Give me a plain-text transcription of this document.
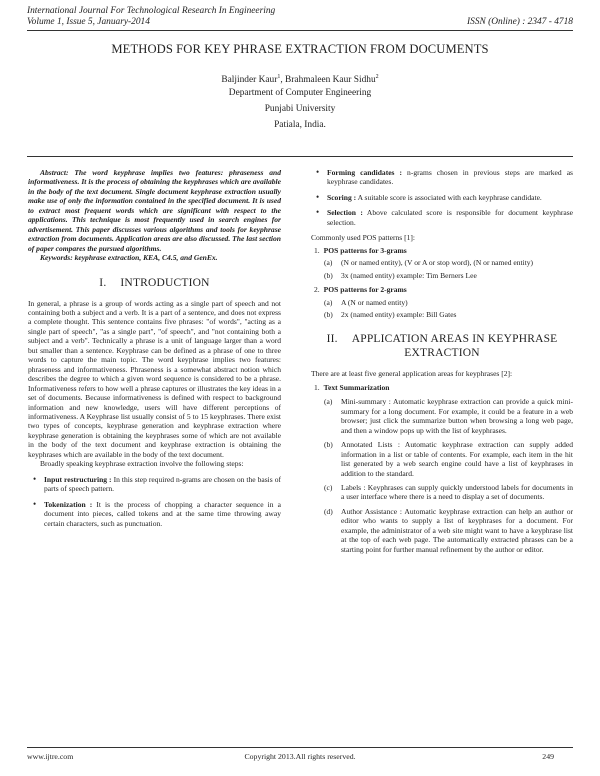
International Journal For Technological Research In Engineering
Volume 1, Issue 5, January-2014	ISSN (Online) : 2347 - 4718
METHODS FOR KEY PHRASE EXTRACTION FROM DOCUMENTS
Baljinder Kaur$^1$, Brahmaleen Kaur Sidhu$^2$
Department of Computer Engineering
Punjabi University
Patiala, India.

Abstract: The word keyphrase implies two features: phraseness and informativeness. It is the process of obtaining the keyphrases which are available in the body of the text document. Single document keyphrase extraction usually make use of only the information contained in the specified document. It is used to extract most frequent words which are significant with respect to the applications. This technique is most frequently used in search engines for advertisement. This paper discusses various algorithms and tools for keyphrase extraction from documents. Application areas are also discussed. The last section of paper compares the pursued algorithms.

Keywords: keyphrase extraction, KEA, C4.5, and GenEx.

I. INTRODUCTION

In general, a phrase is a group of words acting as a single part of speech and not containing both a subject and a verb. It is a part of a sentence, and does not express a complete thought. This sentence contains five phrases: "of words", "acting as a single part of speech", "as a single part", "of speech", and "not containing both a subject and a verb". Technically a phrase is a unit of language larger than a word but smaller than a sentence. Keyphrase can be defined as a phrase of one to three words to capture the main topic. The word keyphrase implies two features: phraseness and informativeness. Phraseness is a somewhat abstract notion which describes the degree to which a given word sequence is considered to be a phrase. Informativeness refers to how well a phrase captures or illustrates the key ideas in a set of documents. Because informativeness is defined with respect to background information and new knowledge, users will have different perceptions of informativeness. A Keyphrase list usually consist of 5 to 15 keyphrases. There exist two types of concepts, keyphrase generation and keyphrase extraction where keyphrase generation is obtaining the keyphrases some of which are not available in the body of the text document and keyphrase extraction is obtaining the keyphrases which are available in the body of the text document.

Broadly speaking keyphrase extraction involve the following steps:

• Input restructuring : In this step required n-grams are chosen on the basis of parts of speech pattern.
• Tokenization : It is the process of chopping a character sequence in a document into pieces, called tokens and at the same time throwing away certain characters, such as punctuation.
• Forming candidates : n-grams chosen in previous steps are marked as keyphrase candidates.
• Scoring : A suitable score is associated with each keyphrase candidate.
• Selection : Above calculated score is responsible for document keyphrase selection.

Commonly used POS patterns [1]:

1. POS patterns for 3-grams
(a) (N or named entity), (V or A or stop word), (N or named entity)
(b) 3x (named entity) example: Tim Berners Lee
2. POS patterns for 2-grams
(a) A (N or named entity)
(b) 2x (named entity) example: Bill Gates
II. APPLICATION AREAS IN KEYPHRASE
EXTRACTION

There are at least five general application areas for keyphrases [2]:

1. Text Summarization
(a) Mini-summary : Automatic keyphrase extraction can provide a quick mini-summary for a long document. For example, it could be a feature in a web browser; just click the summarize button when browsing a long web page, and then a window pops up with the list of keyphrases.
(b) Annotated Lists : Automatic keyphrase extraction can supply added information in a list or table of contents. For example, each item in the hit list generated by a web search engine could have a list of keyphrases in addition to the standard.
(c) Labels : Keyphrases can supply quickly understood labels for documents in a user interface where there is a need to display a set of documents.
(d) Author Assistance : Automatic keyphrase extraction can help an author or editor who wants to supply a list of keyphrases for a document. For example, the administrator of a web site might want to have a keyphrase list at the top of each web page. The automatically extracted phrases can be a starting point for further manual refinement by the author or editor.
www.ijtre.com	Copyright 2013.All rights reserved.	249
